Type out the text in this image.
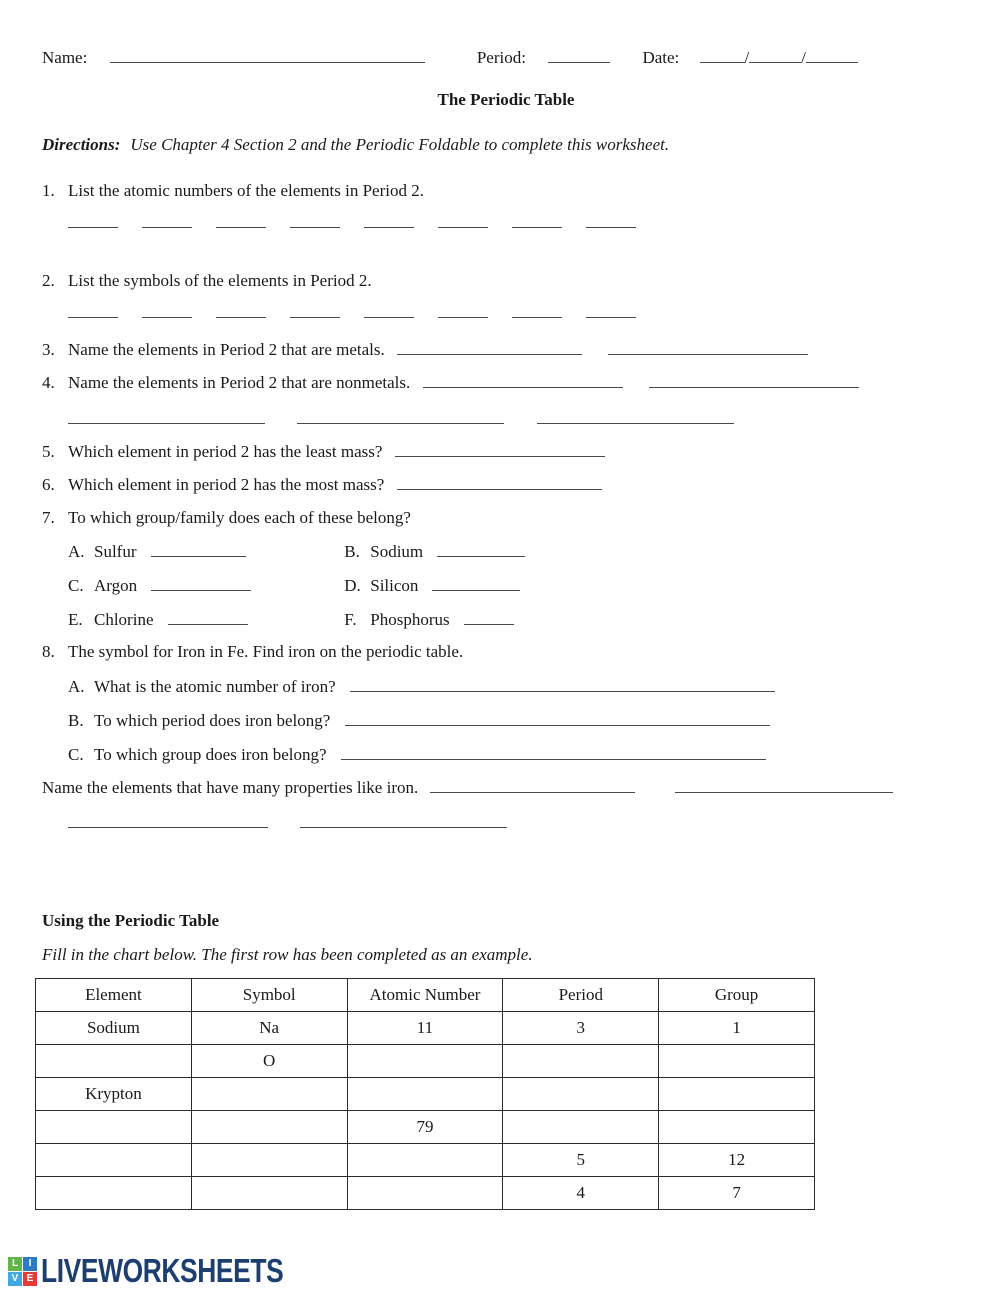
Name:	Period:	Date:	/	/
The Periodic Table
Directions: Use Chapter 4 Section 2 and the Periodic Foldable to complete this worksheet.
1. List the atomic numbers of the elements in Period 2.
2. List the symbols of the elements in Period 2.
3. Name the elements in Period 2 that are metals.
4. Name the elements in Period 2 that are nonmetals.

5. Which element in period 2 has the least mass?
6. Which element in period 2 has the most mass?
7. To which group/family does each of these belong?
A. Sulfur	B. Sodium
C. Argon	D. Silicon
E. Chlorine	F. Phosphorus
8. The symbol for Iron in Fe. Find iron on the periodic table.
A. What is the atomic number of iron?
B. To which period does iron belong?
C. To which group does iron belong?
Name the elements that have many properties like iron.

Using the Periodic Table
Fill in the chart below. The first row has been completed as an example.
Element	Symbol	Atomic Number	Period	Group
Sodium	Na	11	3	1
	O			
Krypton				
		79		
			5	12
			4	7
L	I
V E LIVEWORKSHEETS
